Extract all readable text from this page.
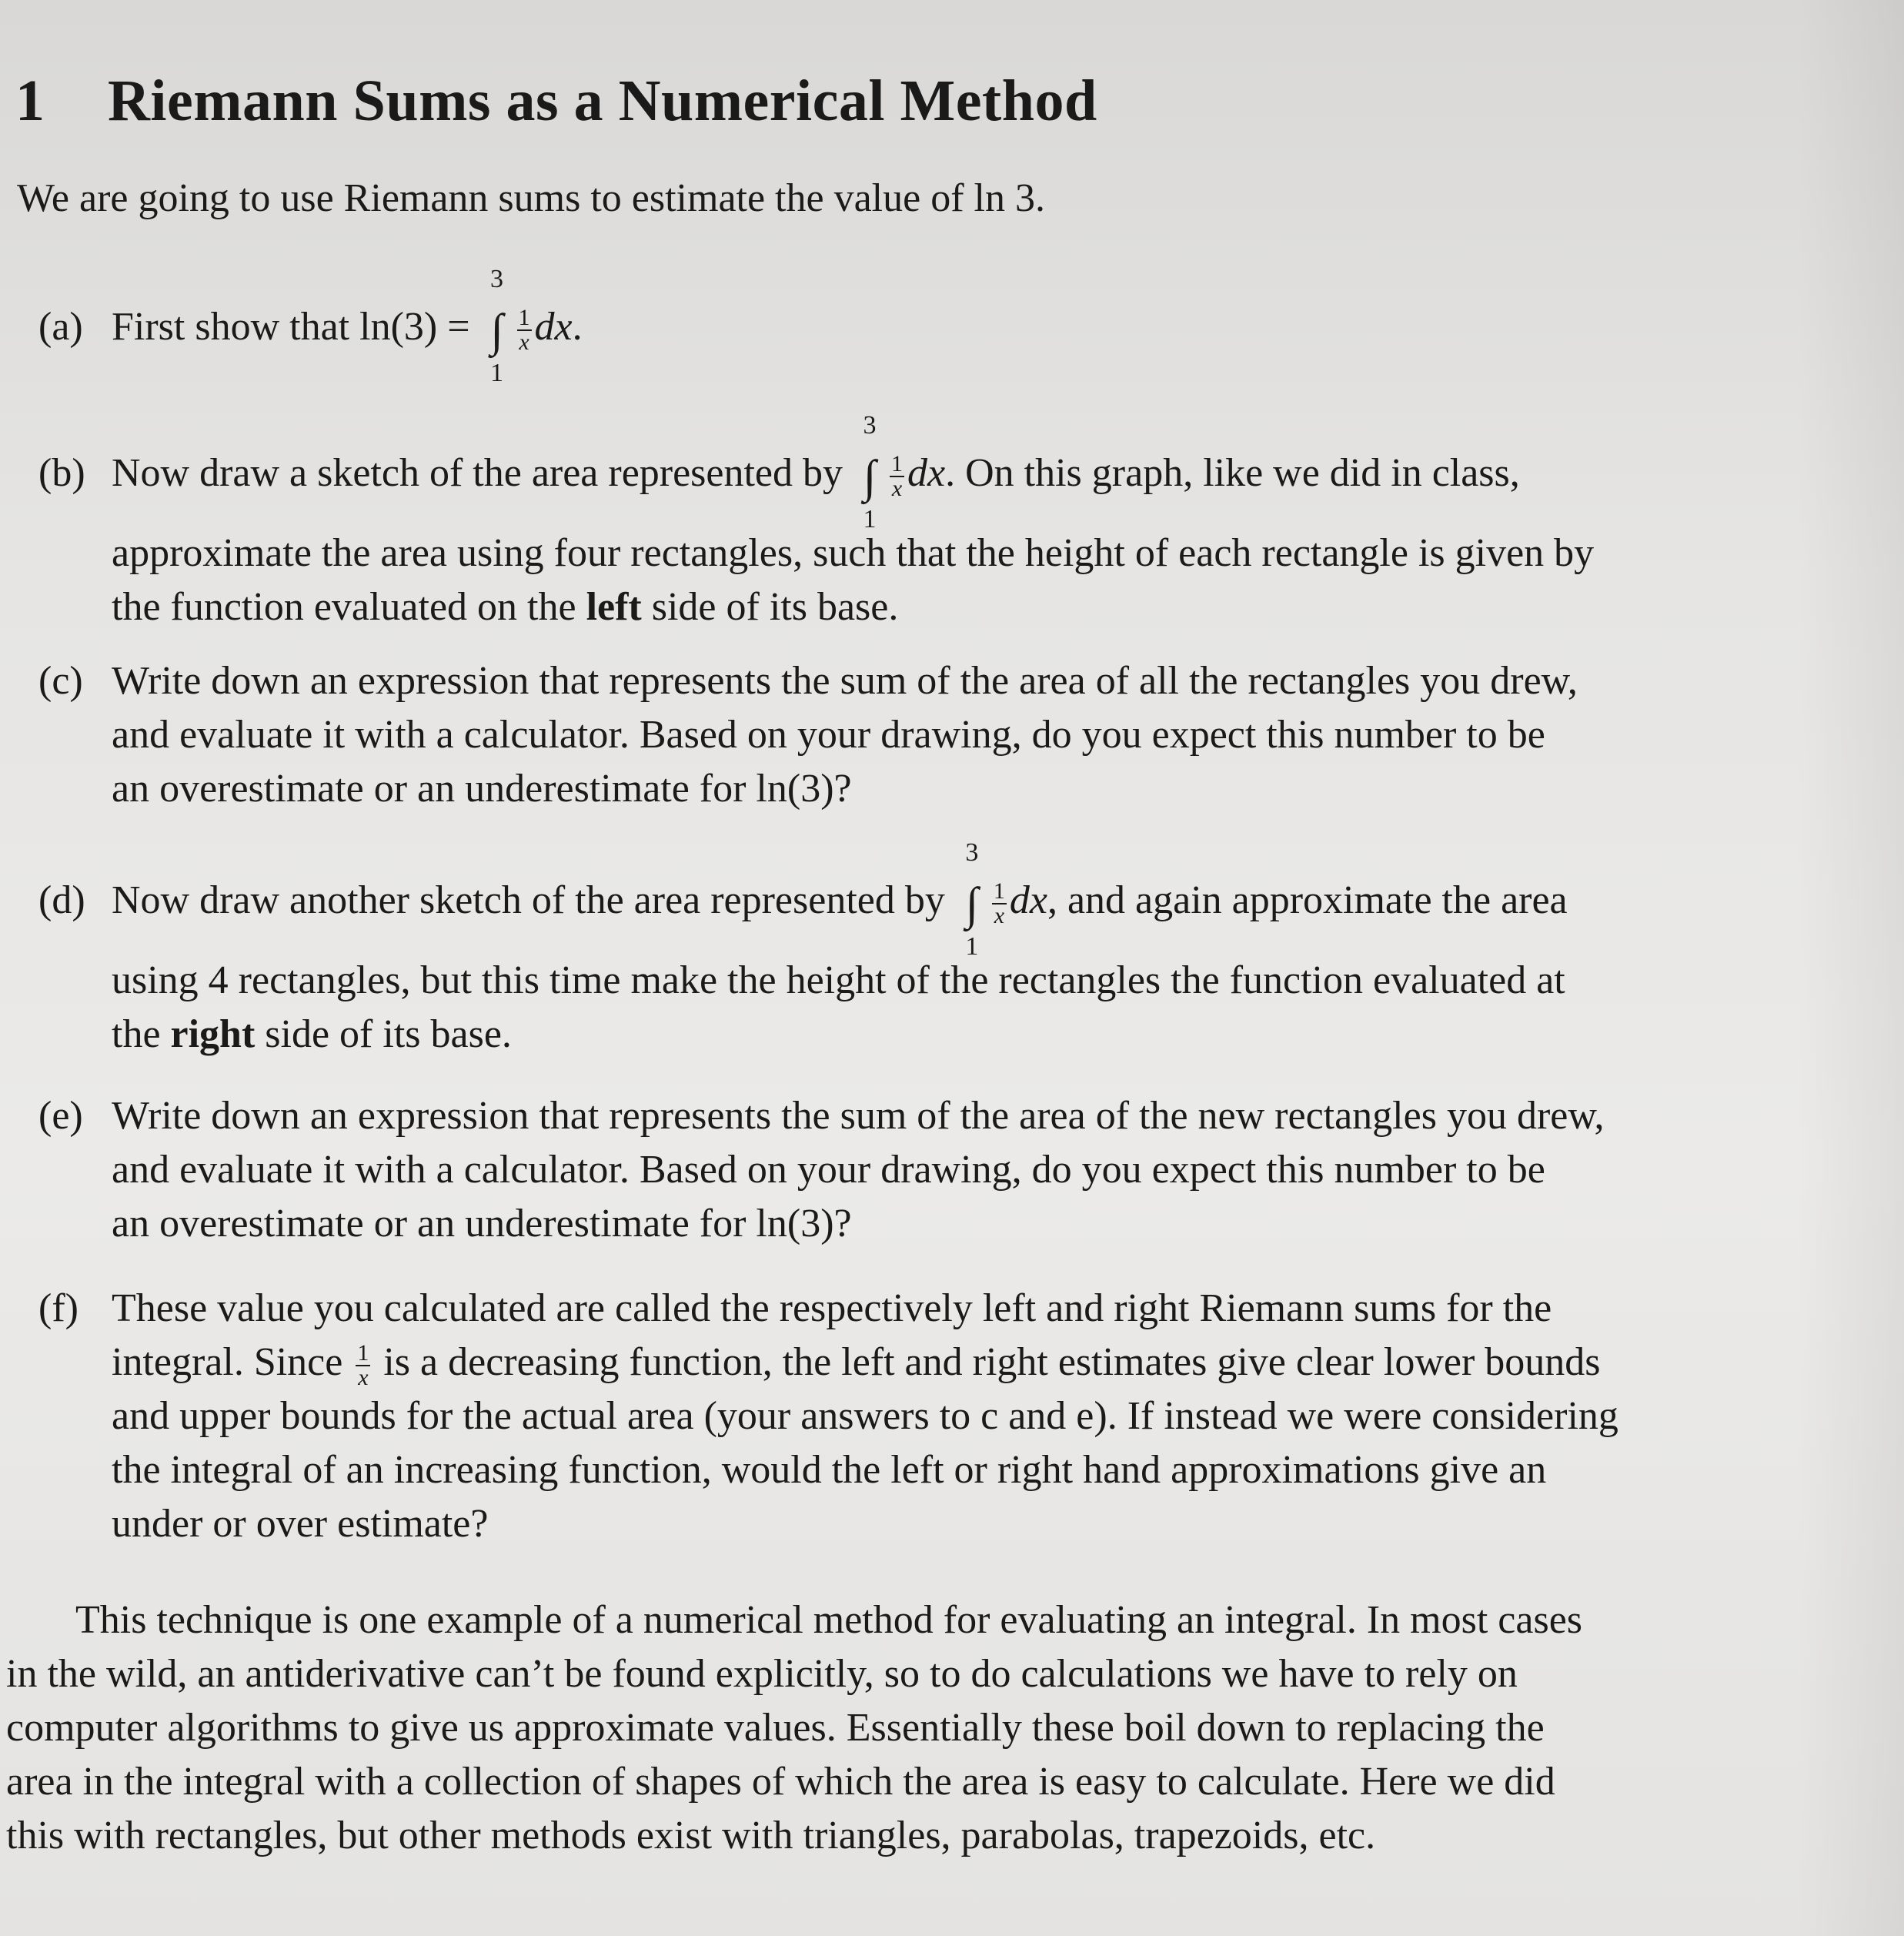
1 Riemann Sums as a Numerical Method
We are going to use Riemann sums to estimate the value of ln 3.
(a) First show that ln(3) =
3
∫
1
$\frac{1}{x}$ dx.
(b) Now draw a sketch of the area represented by
3
∫
1
$\frac{1}{x}$ dx. On this graph, like we did in class,
approximate the area using four rectangles, such that the height of each rectangle is given by
the function evaluated on the left side of its base.
(c) Write down an expression that represents the sum of the area of all the rectangles you drew,
and evaluate it with a calculator. Based on your drawing, do you expect this number to be
an overestimate or an underestimate for ln(3)?
(d) Now draw another sketch of the area represented by
3
∫
1
$\frac{1}{x}$ dx, and again approximate the area
using 4 rectangles, but this time make the height of the rectangles the function evaluated at
the right side of its base.
(e) Write down an expression that represents the sum of the area of the new rectangles you drew,
and evaluate it with a calculator. Based on your drawing, do you expect this number to be
an overestimate or an underestimate for ln(3)?
(f) These value you calculated are called the respectively left and right Riemann sums for the
integral. Since $\frac{1}{x}$ is a decreasing function, the left and right estimates give clear lower bounds
and upper bounds for the actual area (your answers to c and e). If instead we were considering
the integral of an increasing function, would the left or right hand approximations give an
under or over estimate?
This technique is one example of a numerical method for evaluating an integral. In most cases
in the wild, an antiderivative can’t be found explicitly, so to do calculations we have to rely on
computer algorithms to give us approximate values. Essentially these boil down to replacing the
area in the integral with a collection of shapes of which the area is easy to calculate. Here we did
this with rectangles, but other methods exist with triangles, parabolas, trapezoids, etc.
